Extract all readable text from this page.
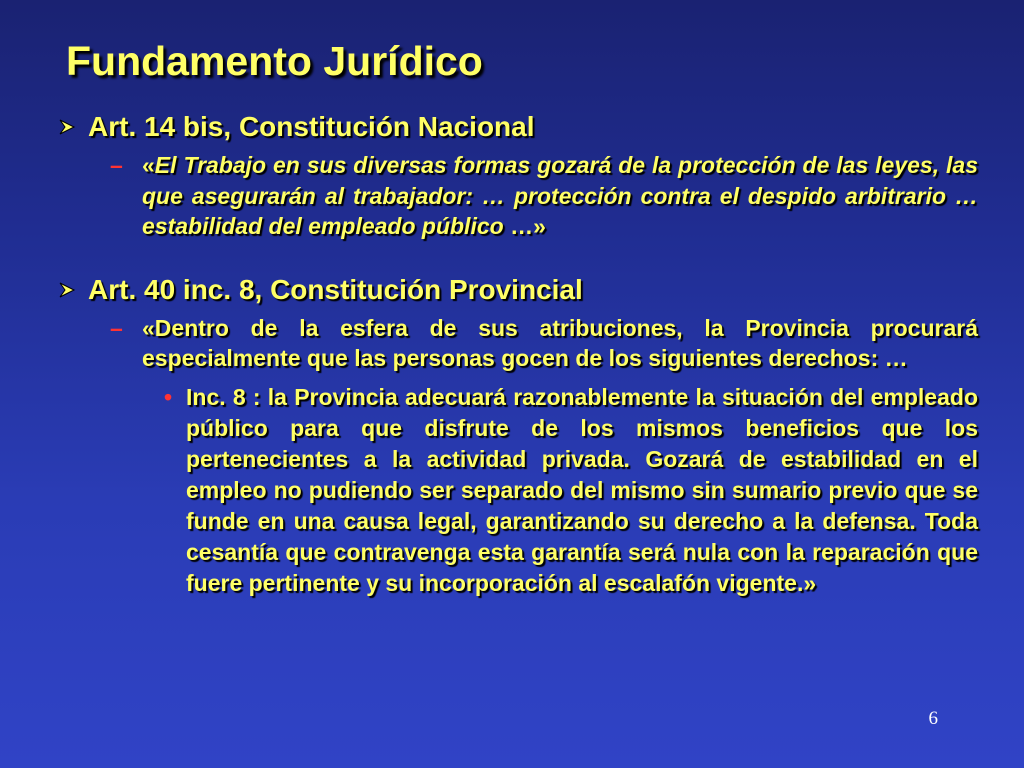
Fundamento Jurídico
Art. 14 bis, Constitución Nacional
– «El Trabajo en sus diversas formas gozará de la protección de las leyes, las que asegurarán al trabajador: … protección contra el despido arbitrario … estabilidad del empleado público …»
Art. 40 inc. 8, Constitución Provincial
– «Dentro de la esfera de sus atribuciones, la Provincia procurará especialmente que las personas gocen de los siguientes derechos: …
• Inc. 8 : la Provincia adecuará razonablemente la situación del empleado público para que disfrute de los mismos beneficios que los pertenecientes a la actividad privada. Gozará de estabilidad en el empleo no pudiendo ser separado del mismo sin sumario previo que se funde en una causa legal, garantizando su derecho a la defensa. Toda cesantía que contravenga esta garantía será nula con la reparación que fuere pertinente y su incorporación al escalafón vigente.»
6
